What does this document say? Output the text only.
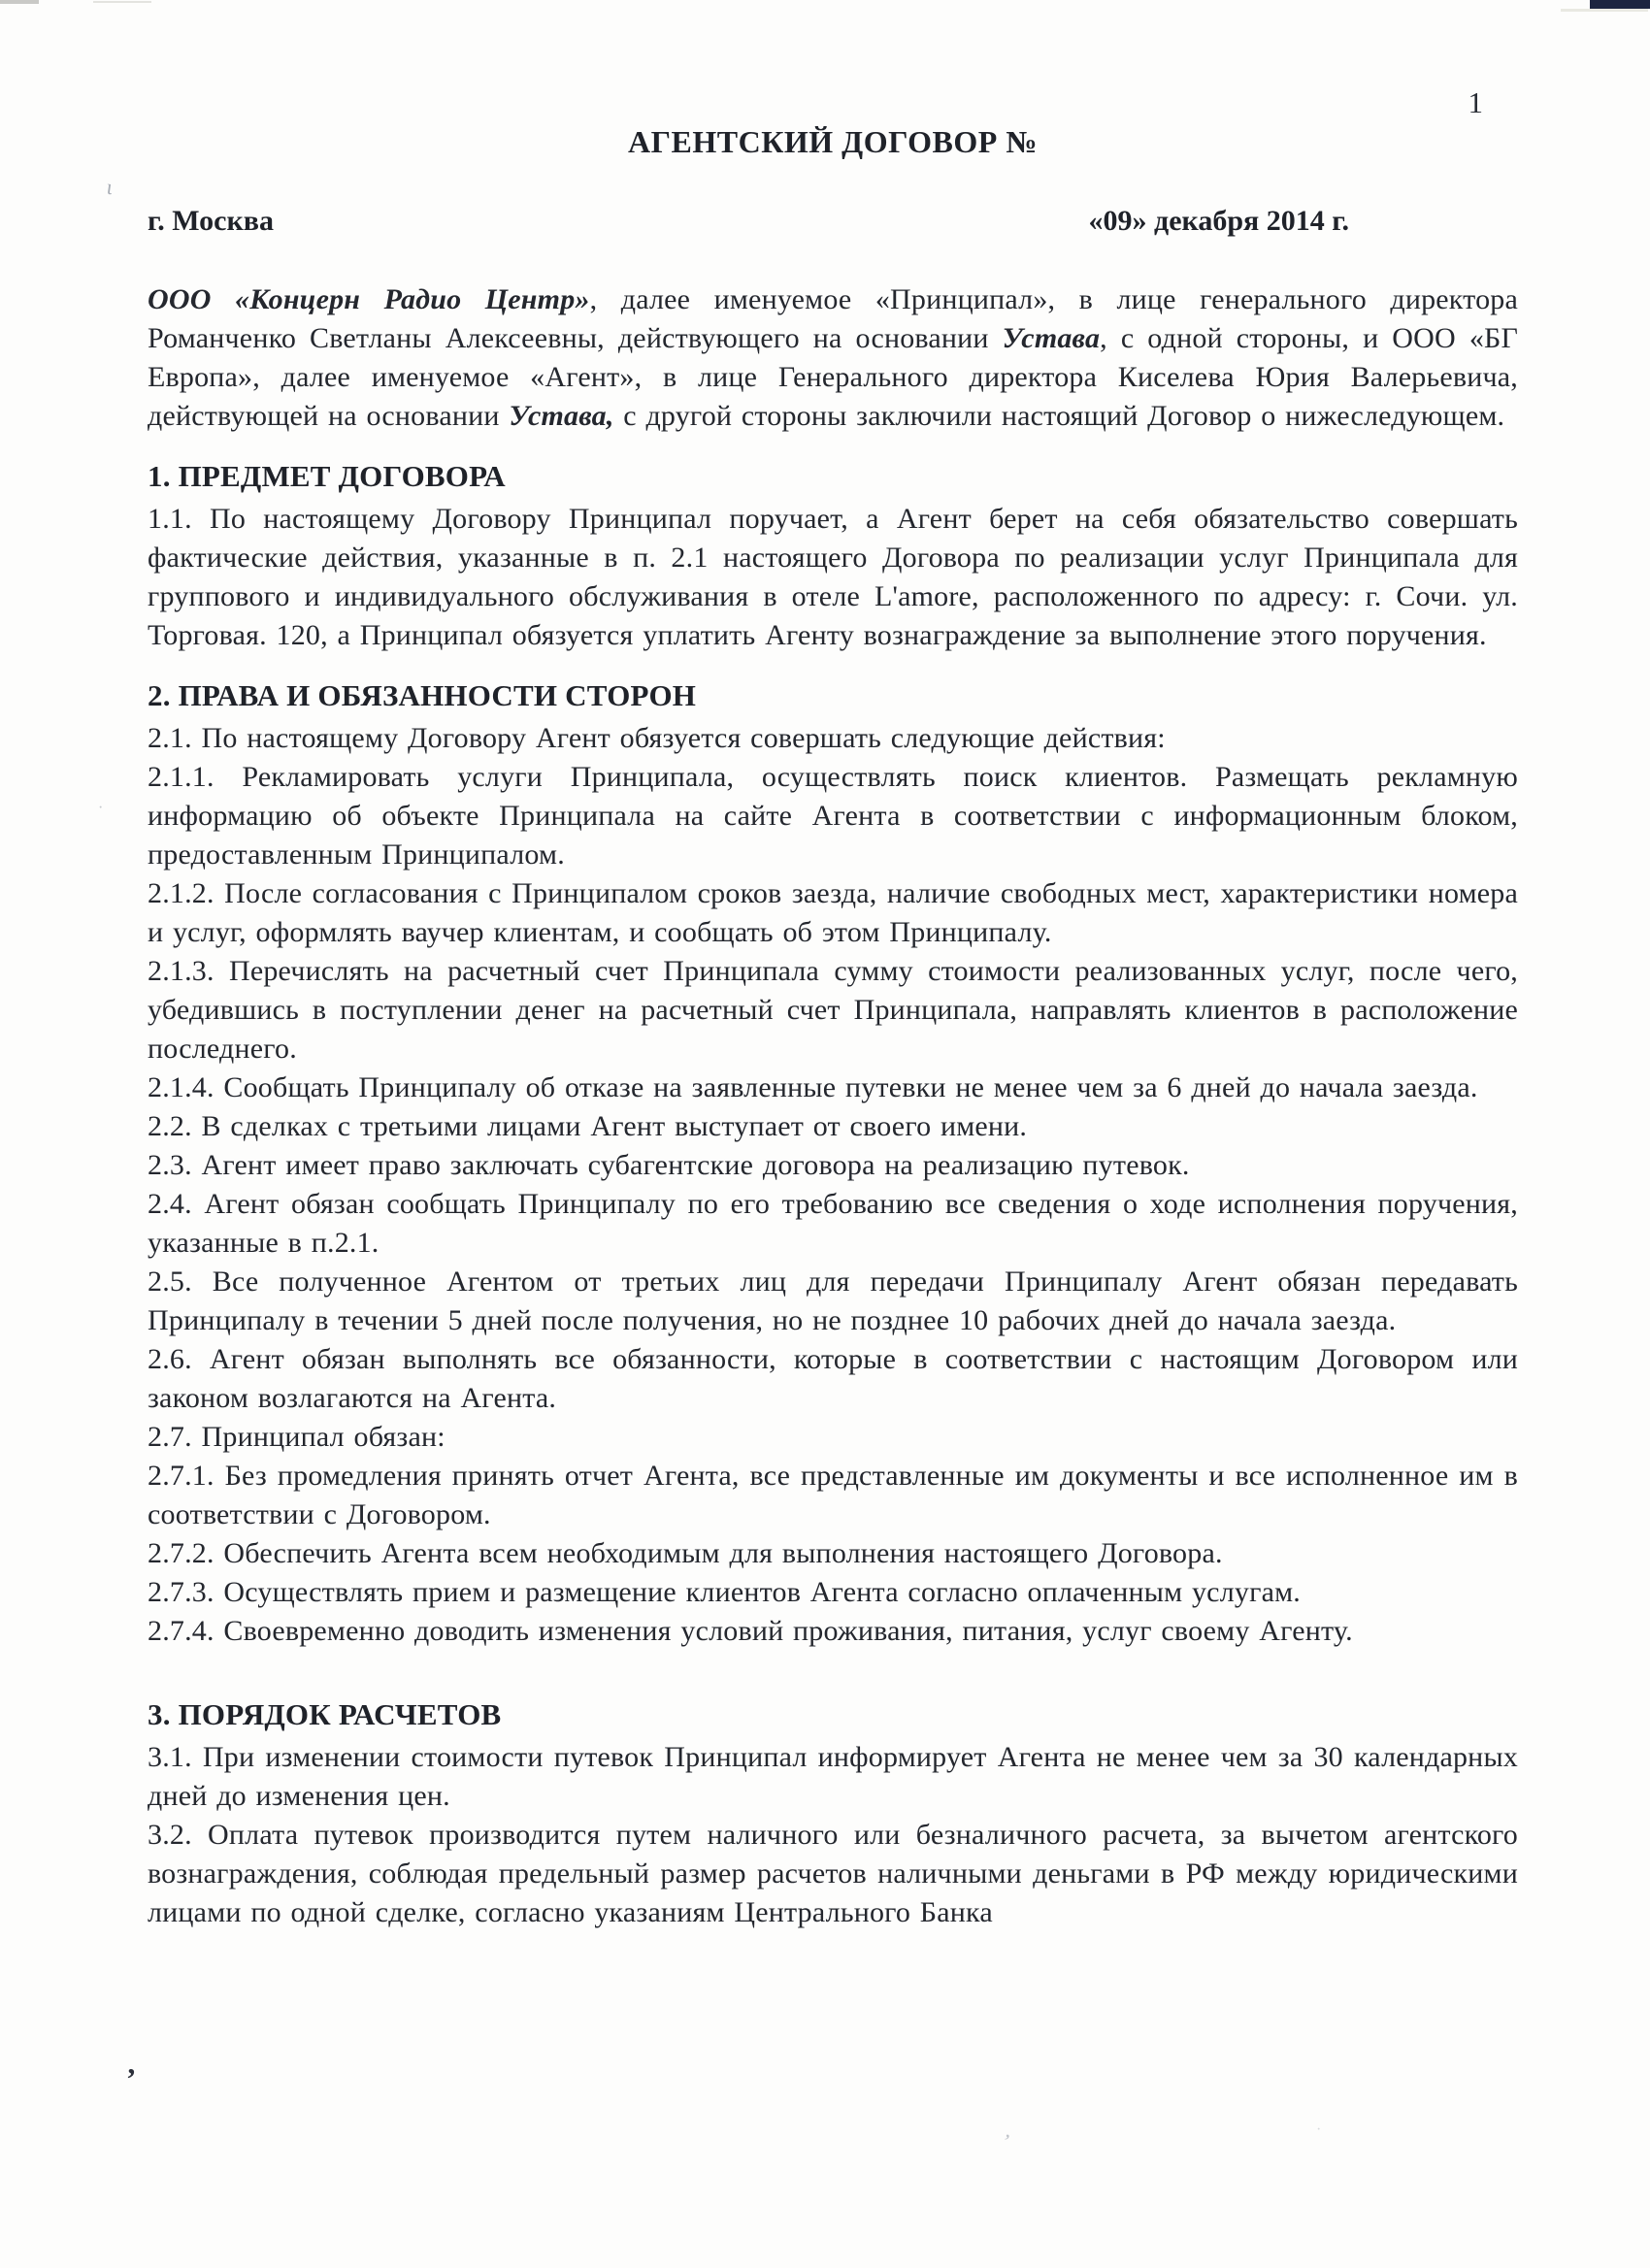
ι
·
’
‚	·
1
АГЕНТСКИЙ ДОГОВОР №
г. Москва	«09» декабря 2014 г.

ООО «Концерн Радио Центр», далее именуемое «Принципал», в лице генерального директора Романченко Светланы Алексеевны, действующего на основании Устава, с одной стороны, и ООО «БГ Европа», далее именуемое «Агент», в лице Генерального директора Киселева Юрия Валерьевича, действующей на основании Устава, с другой стороны заключили настоящий Договор о нижеследующем.

1. ПРЕДМЕТ ДОГОВОРА

1.1. По настоящему Договору Принципал поручает, а Агент берет на себя обязательство совершать фактические действия, указанные в п. 2.1 настоящего Договора по реализации услуг Принципала для группового и индивидуального обслуживания в отеле L'amore, расположенного по адресу: г. Сочи. ул. Торговая. 120, а Принципал обязуется уплатить Агенту вознаграждение за выполнение этого поручения.

2. ПРАВА И ОБЯЗАННОСТИ СТОРОН

2.1. По настоящему Договору Агент обязуется совершать следующие действия:

2.1.1. Рекламировать услуги Принципала, осуществлять поиск клиентов. Размещать рекламную информацию об объекте Принципала на сайте Агента в соответствии с информационным блоком, предоставленным Принципалом.

2.1.2. После согласования с Принципалом сроков заезда, наличие свободных мест, характеристики номера и услуг, оформлять ваучер клиентам, и сообщать об этом Принципалу.

2.1.3. Перечислять на расчетный счет Принципала сумму стоимости реализованных услуг, после чего, убедившись в поступлении денег на расчетный счет Принципала, направлять клиентов в расположение последнего.

2.1.4. Сообщать Принципалу об отказе на заявленные путевки не менее чем за 6 дней до начала заезда.

2.2. В сделках с третьими лицами Агент выступает от своего имени.

2.3. Агент имеет право заключать субагентские договора на реализацию путевок.

2.4. Агент обязан сообщать Принципалу по его требованию все сведения о ходе исполнения поручения, указанные в п.2.1.

2.5. Все полученное Агентом от третьих лиц для передачи Принципалу Агент обязан передавать Принципалу в течении 5 дней после получения, но не позднее 10 рабочих дней до начала заезда.

2.6. Агент обязан выполнять все обязанности, которые в соответствии с настоящим Договором или законом возлагаются на Агента.

2.7. Принципал обязан:

2.7.1. Без промедления принять отчет Агента, все представленные им документы и все исполненное им в соответствии с Договором.

2.7.2. Обеспечить Агента всем необходимым для выполнения настоящего Договора.

2.7.3. Осуществлять прием и размещение клиентов Агента согласно оплаченным услугам.

2.7.4. Своевременно доводить изменения условий проживания, питания, услуг своему Агенту.

3. ПОРЯДОК РАСЧЕТОВ

3.1. При изменении стоимости путевок Принципал информирует Агента не менее чем за 30 календарных дней до изменения цен.

3.2. Оплата путевок производится путем наличного или безналичного расчета, за вычетом агентского вознаграждения, соблюдая предельный размер расчетов наличными деньгами в РФ между юридическими лицами по одной сделке, согласно указаниям Центрального Банка
